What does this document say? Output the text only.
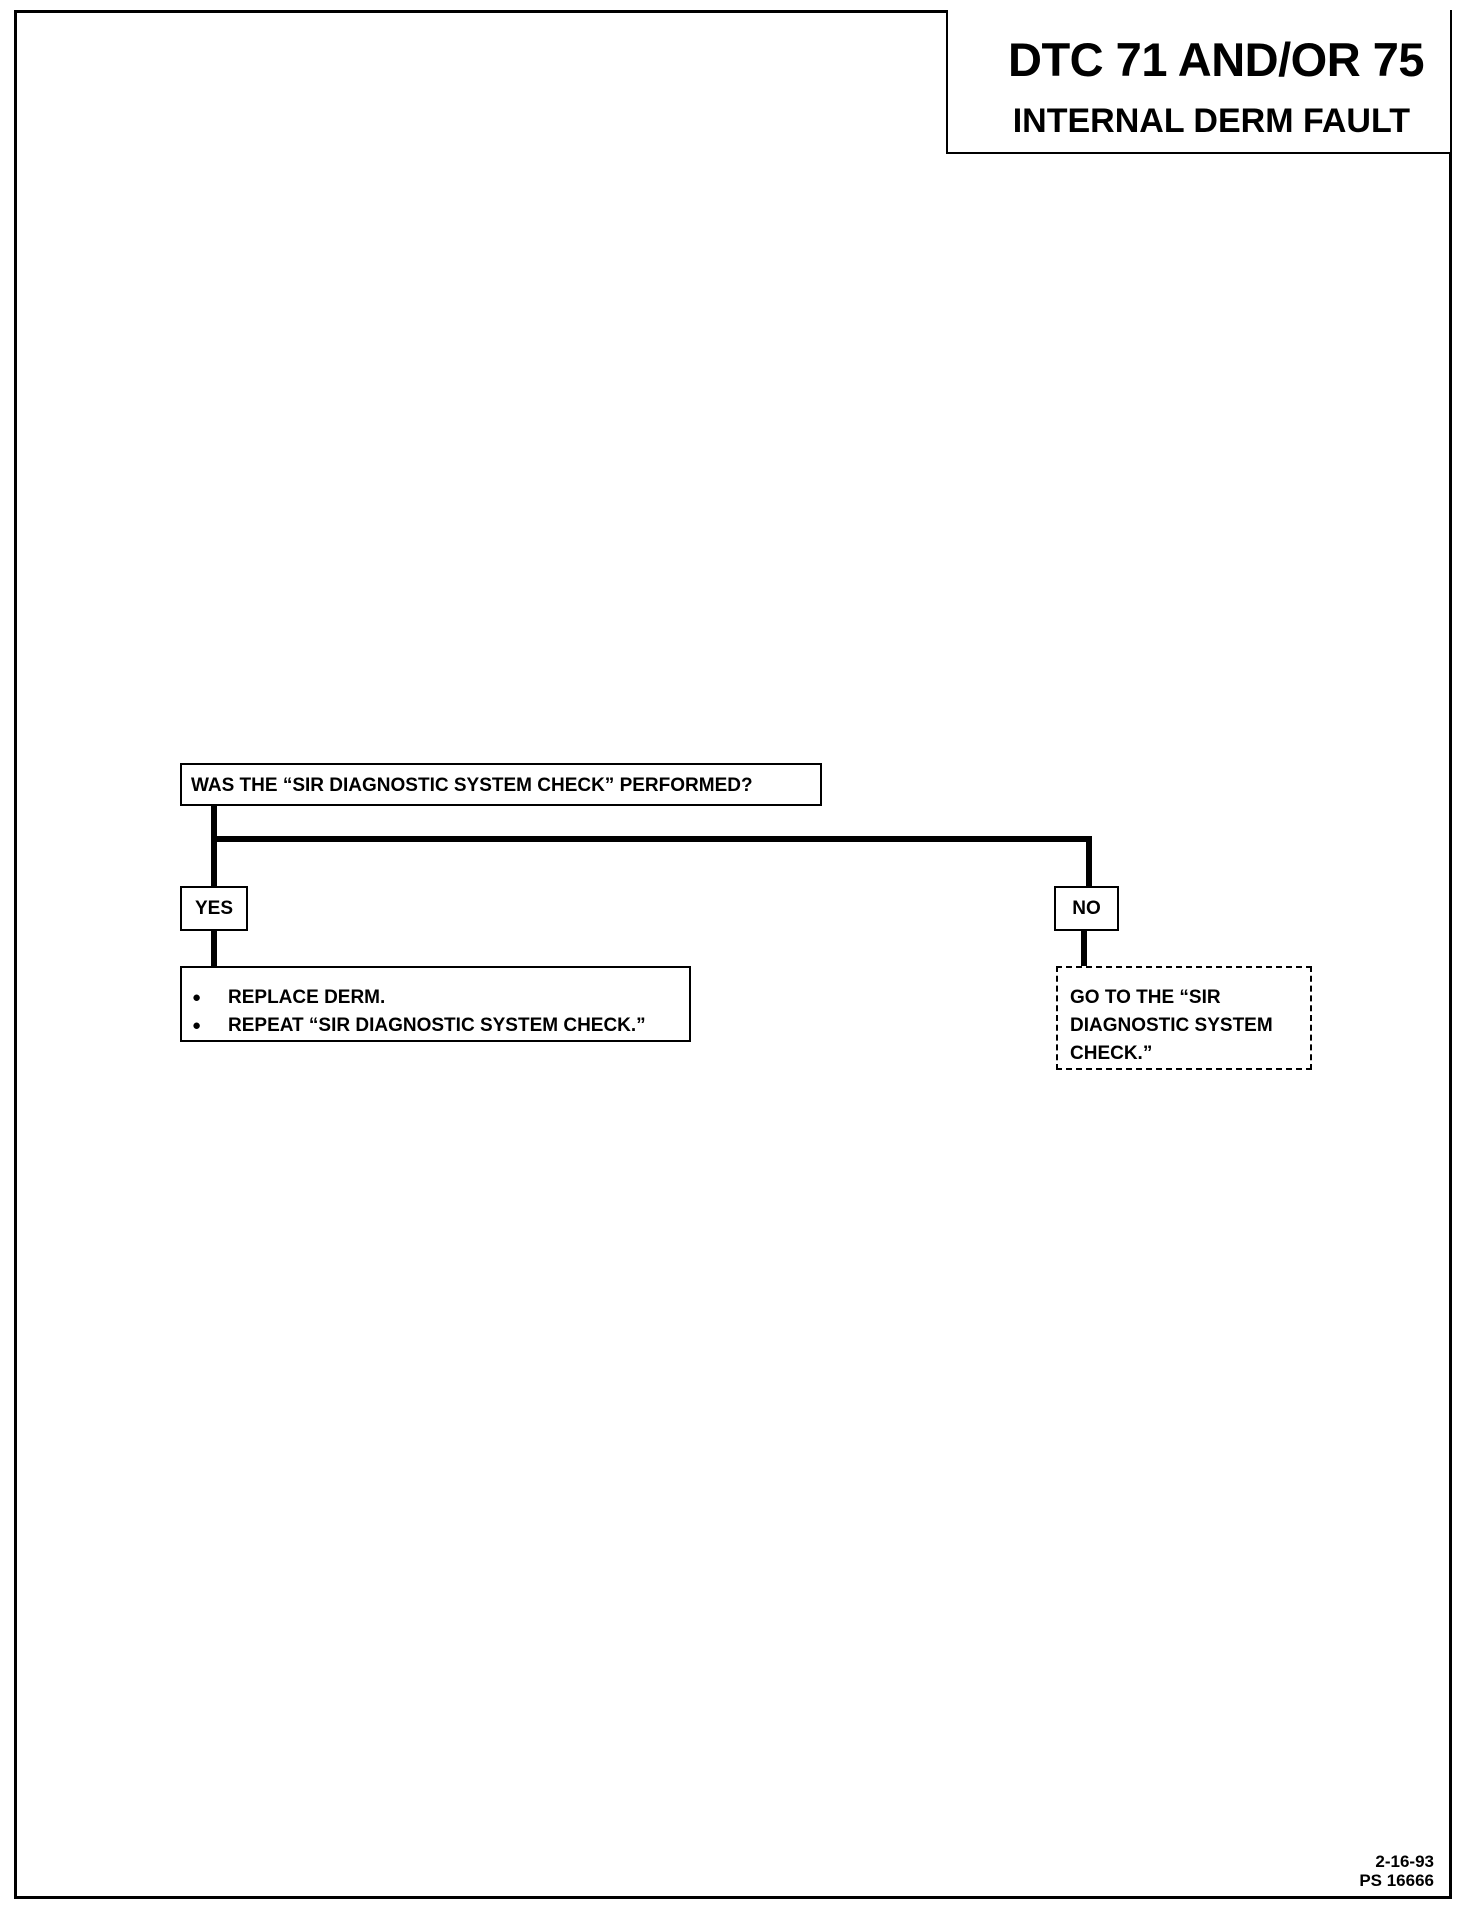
DTC 71 AND/OR 75
INTERNAL DERM FAULT
WAS THE “SIR DIAGNOSTIC SYSTEM CHECK” PERFORMED?
YES	NO
● REPLACE DERM.
● REPEAT “SIR DIAGNOSTIC SYSTEM CHECK.”
GO TO THE “SIR
DIAGNOSTIC SYSTEM
CHECK.”
2-16-93
PS 16666
